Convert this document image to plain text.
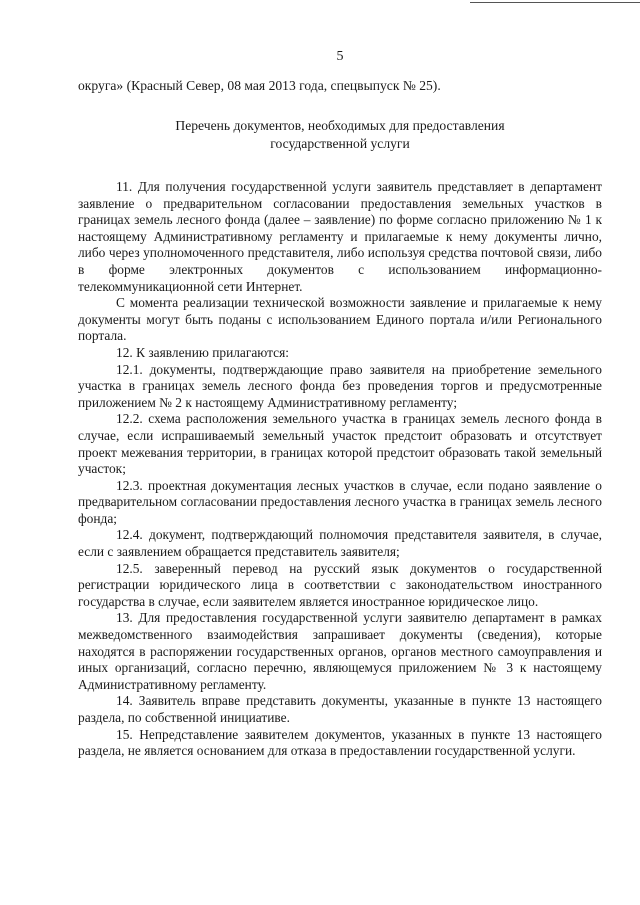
5

округа» (Красный Север, 08 мая 2013 года, спецвыпуск № 25).

Перечень документов, необходимых для предоставления
государственной услуги

11. Для получения государственной услуги заявитель представляет в департамент заявление о предварительном согласовании предоставления земельных участков в границах земель лесного фонда (далее – заявление) по форме согласно приложению № 1 к настоящему Административному регламенту и прилагаемые к нему документы лично, либо через уполномоченного представителя, либо используя средства почтовой связи, либо в форме электронных документов с использованием информационно-телекоммуникационной сети Интернет.

С момента реализации технической возможности заявление и прилагаемые к нему документы могут быть поданы с использованием Единого портала и/или Регионального портала.

12. К заявлению прилагаются:

12.1. документы, подтверждающие право заявителя на приобретение земельного участка в границах земель лесного фонда без проведения торгов и предусмотренные приложением № 2 к настоящему Административному регламенту;

12.2. схема расположения земельного участка в границах земель лесного фонда в случае, если испрашиваемый земельный участок предстоит образовать и отсутствует проект межевания территории, в границах которой предстоит образовать такой земельный участок;

12.3. проектная документация лесных участков в случае, если подано заявление о предварительном согласовании предоставления лесного участка в границах земель лесного фонда;

12.4. документ, подтверждающий полномочия представителя заявителя, в случае, если с заявлением обращается представитель заявителя;

12.5. заверенный перевод на русский язык документов о государственной регистрации юридического лица в соответствии с законодательством иностранного государства в случае, если заявителем является иностранное юридическое лицо.

13. Для предоставления государственной услуги заявителю департамент в рамках межведомственного взаимодействия запрашивает документы (сведения), которые находятся в распоряжении государственных органов, органов местного самоуправления и иных организаций, согласно перечню, являющемуся приложением № 3 к настоящему Административному регламенту.

14. Заявитель вправе представить документы, указанные в пункте 13 настоящего раздела, по собственной инициативе.

15. Непредставление заявителем документов, указанных в пункте 13 настоящего раздела, не является основанием для отказа в предоставлении государственной услуги.
